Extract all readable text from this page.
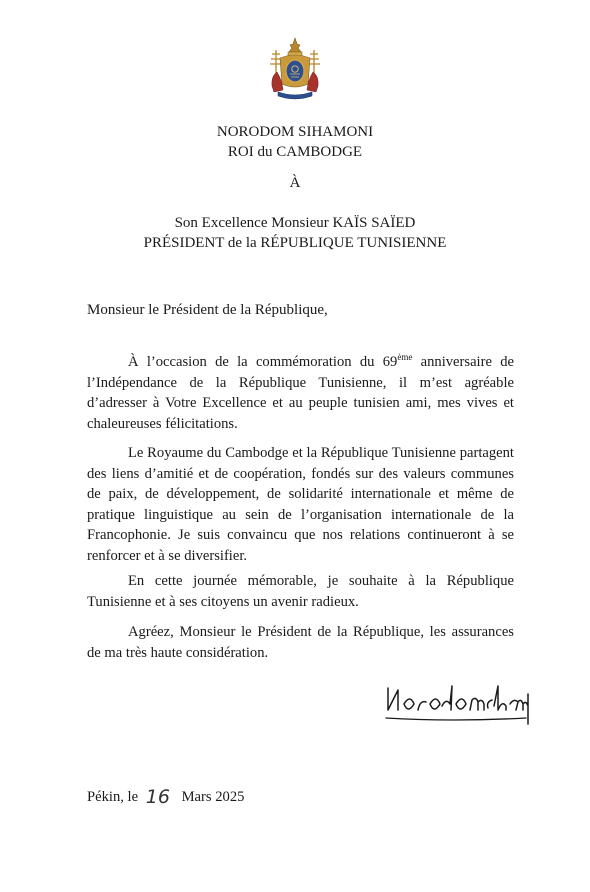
NORODOM SIHAMONI
ROI du CAMBODGE
À
Son Excellence Monsieur KAÏS SAÏED
PRÉSIDENT de la RÉPUBLIQUE TUNISIENNE
Monsieur le Président de la République,
À l’occasion de la commémoration du 69ème anniversaire de l’Indépendance de la République Tunisienne, il m’est agréable d’adresser à Votre Excellence et au peuple tunisien ami, mes vives et chaleureuses félicitations.
Le Royaume du Cambodge et la République Tunisienne partagent des liens d’amitié et de coopération, fondés sur des valeurs communes de paix, de développement, de solidarité internationale et même de pratique linguistique au sein de l’organisation internationale de la Francophonie. Je suis convaincu que nos relations continueront à se renforcer et à se diversifier.
En cette journée mémorable, je souhaite à la République Tunisienne et à ses citoyens un avenir radieux.
Agréez, Monsieur le Président de la République, les assurances de ma très haute considération.
Pékin, le 16 Mars 2025
